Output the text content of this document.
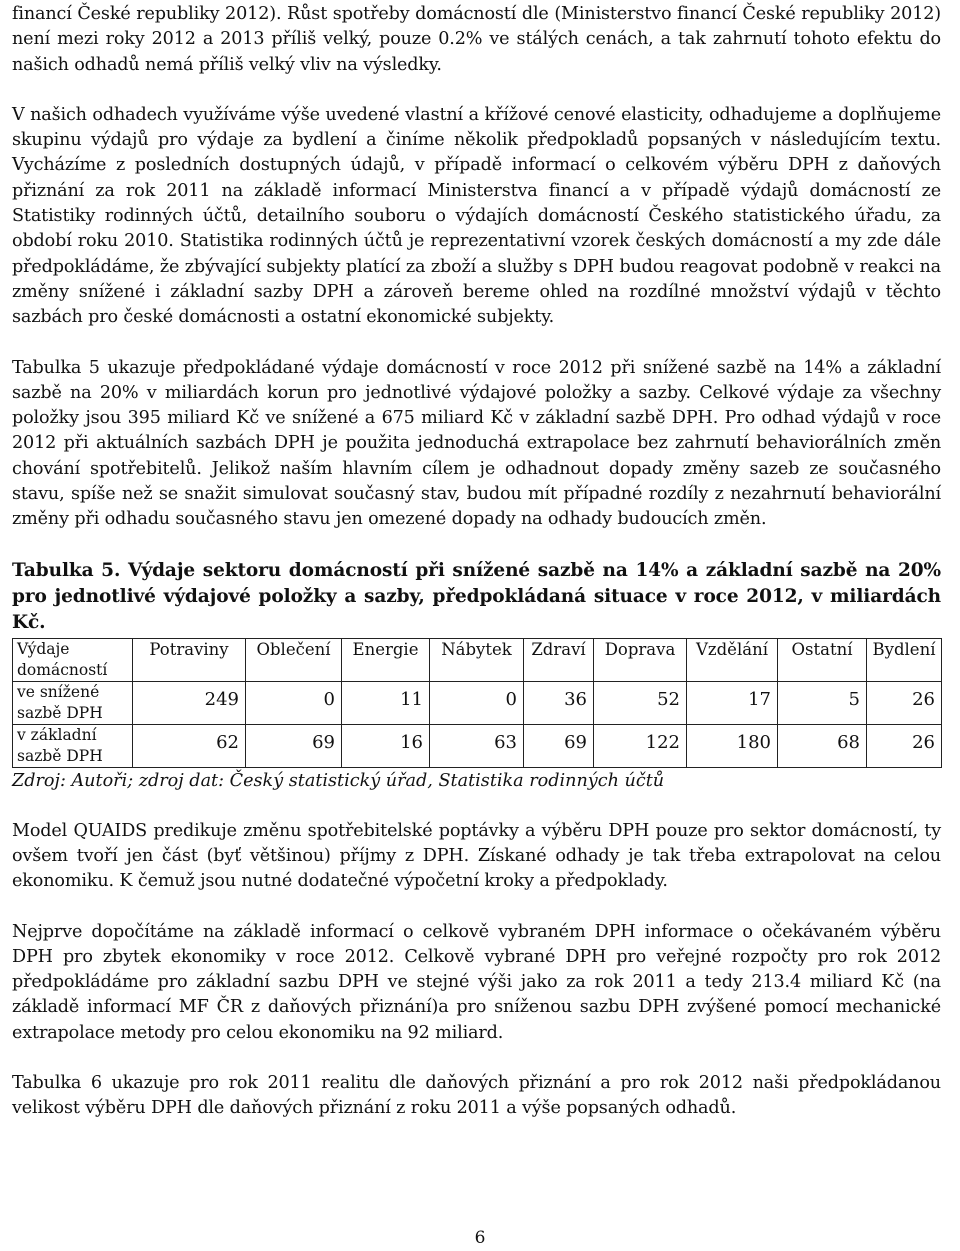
financí České republiky 2012). Růst spotřeby domácností dle (Ministerstvo financí České republiky 2012) není mezi roky 2012 a 2013 příliš velký, pouze 0.2% ve stálých cenách, a tak zahrnutí tohoto efektu do našich odhadů nemá příliš velký vliv na výsledky.

V našich odhadech využíváme výše uvedené vlastní a křížové cenové elasticity, odhadujeme a doplňujeme skupinu výdajů pro výdaje za bydlení a činíme několik předpokladů popsaných v následujícím textu. Vycházíme z posledních dostupných údajů, v případě informací o celkovém výběru DPH z daňových přiznání za rok 2011 na základě informací Ministerstva financí a v případě výdajů domácností ze Statistiky rodinných účtů, detailního souboru o výdajích domácností Českého statistického úřadu, za období roku 2010. Statistika rodinných účtů je reprezentativní vzorek českých domácností a my zde dále předpokládáme, že zbývající subjekty platící za zboží a služby s DPH budou reagovat podobně v reakci na změny snížené i základní sazby DPH a zároveň bereme ohled na rozdílné množství výdajů v těchto sazbách pro české domácnosti a ostatní ekonomické subjekty.

Tabulka 5 ukazuje předpokládané výdaje domácností v roce 2012 při snížené sazbě na 14% a základní sazbě na 20% v miliardách korun pro jednotlivé výdajové položky a sazby. Celkové výdaje za všechny položky jsou 395 miliard Kč ve snížené a 675 miliard Kč v základní sazbě DPH. Pro odhad výdajů v roce 2012 při aktuálních sazbách DPH je použita jednoduchá extrapolace bez zahrnutí behaviorálních změn chování spotřebitelů. Jelikož naším hlavním cílem je odhadnout dopady změny sazeb ze současného stavu, spíše než se snažit simulovat současný stav, budou mít případné rozdíly z nezahrnutí behaviorální změny při odhadu současného stavu jen omezené dopady na odhady budoucích změn.

Tabulka 5. Výdaje sektoru domácností při snížené sazbě na 14% a základní sazbě na 20% pro jednotlivé výdajové položky a sazby, předpokládaná situace v roce 2012, v miliardách Kč.
Výdaje domácností	Potraviny	Oblečení	Energie	Nábytek	Zdraví	Doprava	Vzdělání	Ostatní	Bydlení
ve snížené sazbě DPH	249	0	11	0	36	52	17	5	26
v základní sazbě DPH	62	69	16	63	69	122	180	68	26
Zdroj: Autoři; zdroj dat: Český statistický úřad, Statistika rodinných účtů

Model QUAIDS predikuje změnu spotřebitelské poptávky a výběru DPH pouze pro sektor domácností, ty ovšem tvoří jen část (byť většinou) příjmy z DPH. Získané odhady je tak třeba extrapolovat na celou ekonomiku. K čemuž jsou nutné dodatečné výpočetní kroky a předpoklady.

Nejprve dopočítáme na základě informací o celkově vybraném DPH informace o očekávaném výběru DPH pro zbytek ekonomiky v roce 2012. Celkově vybrané DPH pro veřejné rozpočty pro rok 2012 předpokládáme pro základní sazbu DPH ve stejné výši jako za rok 2011 a tedy 213.4 miliard Kč (na základě informací MF ČR z daňových přiznání)a pro sníženou sazbu DPH zvýšené pomocí mechanické extrapolace metody pro celou ekonomiku na 92 miliard.

Tabulka 6 ukazuje pro rok 2011 realitu dle daňových přiznání a pro rok 2012 naši předpokládanou velikost výběru DPH dle daňových přiznání z roku 2011 a výše popsaných odhadů.

6
